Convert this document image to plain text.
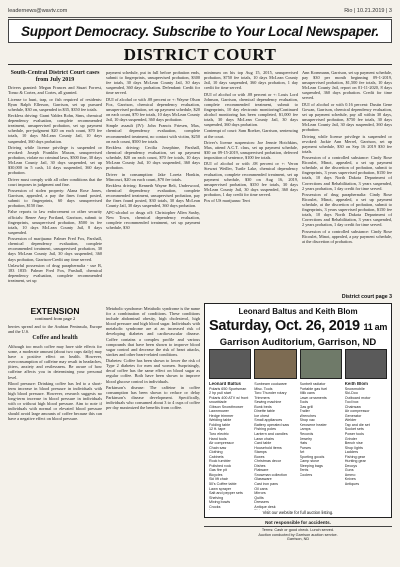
leadernews@wavtv.com	Rio | 10.21.2019 | 3
Support Democracy. Subscribe to Your Local Newspaper.
DISTRICT COURT

South-Central District Court cases from July 2019

Drivers granted: Megan Frances and Stuart Forrest, Tonso & Cortez, and Cortes, all granted.

License to hunt, trap, or fish required of residents: Ryan Ralph Ellerson, Garrison, set up pursued schedule, $30 on, suspended in $35, $350 fee totals.

Reckless driving: Grant Valdez Rohn, Sims, chemical dependency evaluation, complete recommended treatment, unsupervised probation, set up payment schedule, pre-judgment $20 on each count, $70 fee totals, 10 days McLean County Jail, 10 days suspended, 360 days probation.

Driving while license privilege is suspended or revoked: Joseph Franklin Maxon, unsupervised probation, violate no criminal laws, $500 fine, 30 days McLean County Jail, 30 days suspended, set up $30,000 in 5 cash, 14 days suspended, 360 days probation.

Driver must comply with all other conditions that the court imposes in judgment and fine.

Possession of stolen property: Alana Rose Jones, Garrison, appealed, a pay the fines found posted, submit to fingerprints, 60 days unsupervised probation, $150 fine.

False reports to law enforcement or other security officials: Renee Amy Portland, Garrison, submit to fingerprints, unsupervised probation, $500 in fee totals, 10 days McLean County Jail, 8 days suspended.

Possession of marijuana: Palmer Fred Fox, Parshall, chemical dependency evaluation, complete recommended treatment, unsupervised probation, 30 days McLean County Jail, 30 days suspended, 360 days probation, Garrison-Credit any time served.

Unlawful possession of drug paraphernalia - use B, 183 1835: Palmer Fred Fox, Parshall, chemical dependency evaluation, complete recommended treatment, set up

payment schedule, put in full before probation ends, submit to fingerprints, unsupervised probation, $300 fee totals, 30 days McLean County Jail, 30 days suspended, 360 days probation. Defendant: Credit for time served.

DUI of alcohol or with .08 percent or +: Wayne Olson Fox, Garrison, chemical dependency evaluation, unsupervised probation, set up payment schedule, $20 on each count, $70 fee totals, 10 days McLean County Jail, 10 days suspended, 360 days probation.

Simple assault (IV): John Francis Friesen, Max, chemical dependency evaluation, complete recommended treatment, no contact with victim, $250 on each count, $500 fee totals.

Reckless driving: Cecilia Josephine, Parshall, chemical dependency evaluation, set up payment schedule, $20 on each count, $70 fee totals, 10 days McLean County Jail, 10 days suspended, 360 days probation.

Driver in consumption: Jake Loreta Honkin, Mincourt, $20 on each count, $70 fee totals.

Reckless driving: Kenneth Wayne Belt, Underwood, chemical dependency evaluation, complete recommended treatment, unsupervised probation, pay the fines found posted, $30 totals, 30 days McLean County Jail, 30 days suspended, 360 days probation.

APC-alcohol or drugs off: Christopher Allen Saxby, New Town, chemical dependency evaluation, complete recommended treatment, set up payment schedule, $30

minimum on his top Aug 15, 2015, unsupervised probation, $750 fee totals, 10 days McLean County Jail, 10 days suspended, 360 days probation, 1 day credit for time served.

DUI of alcohol or with .08 percent or +: Louis Lord Johnson, Garrison, chemical dependency evaluation, complete recommended treatment, submit to fingerprints, 10 day electronic monitoring/Continued alcohol monitoring has been completed, $1,000 fee totals, 30 days McLean County Jail, 30 days suspended, 360 days probation.

Contempt of court: Sam Roeker, Garrison, sentencing at the court.

Driver's license suspension: Joe Jennie Hotchkins, Max, attend A.C.T. class, set up payment schedule, $30 on 09-15-2019, unsupervised probation, deferred imposition of sentence, $100 fee totals.

DUI of alcohol or with .08 percent or +: Veron Stewart Weiller, Turtle Lake, chemical dependency evaluation, complete recommended treatment, set up payment schedule, $30 on Aug 16, 2019, unsupervised probation, $350 fee totals, 30 days McLean County Jail, 30 days suspended, 360 days probation, 1 day credit for time served.

Pos of US marijuana: Terri

Ann Kornmann, Garrison, set up payment schedule, pay $30 per month beginning 09-1-2019, unsupervised probation, $1,500 fee totals, 10 days McLean County Jail, report on 01-11-2020, 8 days suspended, 360 days probation. Credit for time served.

DUI of alcohol or with 0.16 percent: Dustin Gene Gowan, Garrison, chemical dependency evaluation, set up payment schedule, pay all within 30 days, unsupervised probation, $750 fee totals, 30 days McLean County Jail, 30 days suspended, 360 days probation.

Driving while license privilege is suspended or revoked: Jackie Ann Merrel, Garrison, set up payment schedule, $30 on Sep 16 2019 $30 fee totals.

Possession of a controlled substance: Cindy Rose Ricoulet, Minot, appealed, a set up payment schedule, at the discretion of probation, submit to fingerprints, 3 years supervised probation, $150 fee totals, 10 days North Dakota Department of Corrections and Rehabilitation, 3 years suspended, 2 years probation, 1 day credit for time served.

Possession of drug paraphernalia: Cindy Rose Ricoulet, Minot, appealed, a set up payment schedule, at the discretion of probation, submit to fingerprints, 3 years supervised probation, $150 fee totals, 10 days North Dakota Department of Corrections and Rehabilitation, 3 years suspended, 2 years probation, 1 day credit for time served.

Possession of a controlled substance: Cindy Rose Ricoulet, Minot, appealed, a pay payment schedule, at the discretion of probation.

District court page 3
EXTENSION
continued from page 2

berries spread and to the Arabian Peninsula, Europe and the U.S.

Coffee and health

Although too much coffee may have side effects for some, a moderate amount (about two cups daily) may have a positive effect on health. However, overconsumption of caffeine may result in headaches, jitters, anxiety and restlessness. Be aware of how caffeine affects you in determining your personal level.

Blood pressure: Drinking coffee has led to a short-term increase in blood pressure in individuals with high blood pressure. However, research suggests no long-term increase in blood pressure in individuals with or without high blood pressure. Aim to note if individuals with normal or elevated blood pressure should avoid large amounts of coffee because this can have a negative effect on blood pressure.

Metabolic syndrome: Metabolic syndrome is the name for a combination of conditions. These conditions include abdominal obesity, high cholesterol, high blood pressure and high blood sugar. Individuals with metabolic syndrome are at an increased risk of developing diabetes and cardiovascular disease. Coffee contains a complex profile and various compounds that have been shown to improve blood sugar control and decrease the risk of heart attacks, strokes and other heart-related conditions.

Diabetes: Coffee has been shown to lower the risk of Type 2 diabetes for men and women. Surprisingly, decaf coffee has the same effect on blood sugar as regular coffee. Both have been shown to improve blood glucose control in individuals.

Parkinson's disease: The caffeine in coffee consumption has been shown to reduce or delay Parkinson's disease development. Specifically, individuals who consumed about 3 to 4 cups of coffee per day maximized the benefits from coffee.

Leonard Baltus and Keith Blom
Saturday, Oct. 26, 2019 11 am
Garrison Auditorium, Garrison, ND
Leonard Baltus
Polaris 650 Sportsman
2 hp pull start
Polaris 400 ATV w/ front
snowblade
Gibson Snowthrower
Lawnmower
Hedge trimmer
Welding table
Folding table
12 ft. tape
Toro electric
Hand tools
Air compressor
Chain saw
Clothing
Cabinets
Rock tumbler
Polished rock
Gas fire pit
Bicycles
Ski lift chair
50's Coffee table
Lawn sprayer
Salt and pepper sets
Shelving
Mixing bowls
Crocks
Sunbeam cookware
Misc. Tools
Toro Thunder rotary
Trimmers
Sewing machine
Bunk beds
Dinette table
Ice chest
Small appliances
Battery operated saw
Fishing poles
Lantern and candles
Lawn chairs
Card table
Household items
Stamps
Boxes
Christmas decor
Dishes
Flatware
Snowman collection
Glassware
Cast iron pans
Oil cans
Mirrors
Quilts
Dressers
Antique desk
Sunbelt radiator
Portable gas fuel
Milk cans
Lawn ornaments
Tools
Gas grill
Trailer
Wrenches
Shop vac
Kerosene heater
Lamps
Records
Jewelry
Hats
Purses
Art
Sporting goods
Camp stove
Sleeping bags
Tents
Coolers
Keith Blom
Snowmobile
Ski-Doo
Outboard motor
Tool box
Chainsaw
Air compressor
Generator
Welder
Tap and die set
Socket sets
Power tools
Grinder
Bench vise
Shop lights
Ladders
Fishing gear
Hunting gear
Decoys
Guns
Ammo
Knives
Antiques
Visit our website for full auction listing.
Not responsible for accidents.
Terms: Cash or good check. Lunch served.
Auction conducted by Garrison auction service.
Garrison, ND
